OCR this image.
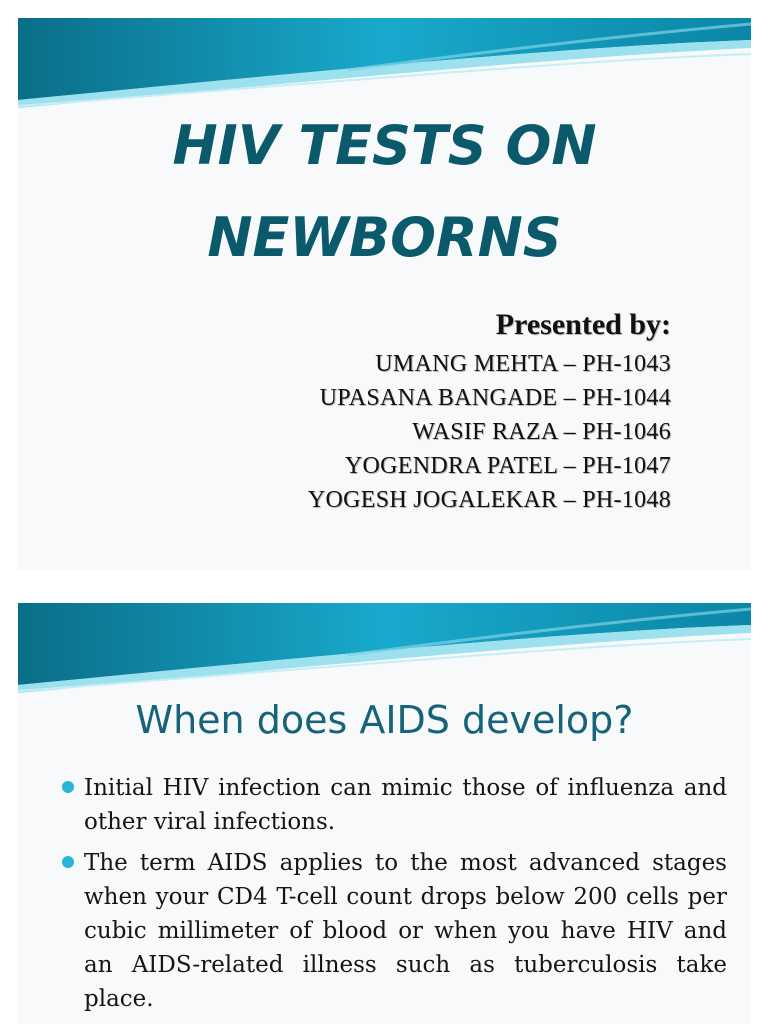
HIV TESTS ON
NEWBORNS
Presented by:
UMANG MEHTA – PH-1043
UPASANA BANGADE – PH-1044
WASIF RAZA – PH-1046
YOGENDRA PATEL – PH-1047
YOGESH JOGALEKAR – PH-1048
When does AIDS develop?
Initial HIV infection can mimic those of influenza and other viral infections.
The term AIDS applies to the most advanced stages when your CD4 T-cell count drops below 200 cells per cubic millimeter of blood or when you have HIV and an AIDS-related illness such as tuberculosis take place.
